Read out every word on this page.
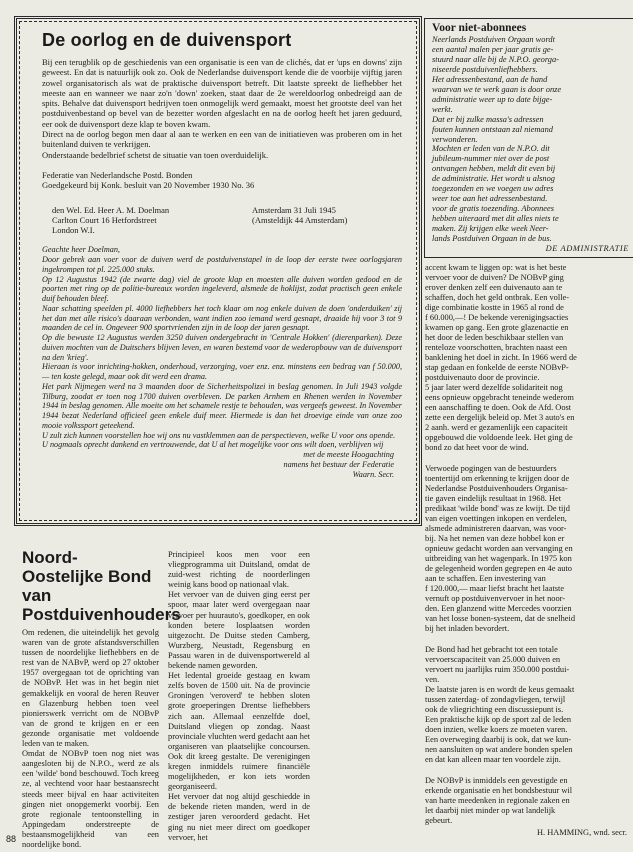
De oorlog en de duivensport

Bij een terugblik op de geschiedenis van een organisatie is een van de clichés, dat er 'ups en downs' zijn geweest. En dat is natuurlijk ook zo. Ook de Nederlandse duivensport kende die de voorbije vijftig jaren zowel organisatorisch als wat de praktische duivensport betreft. Dit laatste spreekt de liefhebber het meeste aan en wanneer we naar zo'n 'down' zoeken, staat daar de 2e wereldoorlog onbedreigd aan de spits. Behalve dat duivensport bedrijven toen onmogelijk werd gemaakt, moest het grootste deel van het postduivenbestand op bevel van de bezetter worden afgeslacht en na de oorlog heeft het jaren geduurd, eer ook de duivensport deze klap te boven kwam.

Direct na de oorlog begon men daar al aan te werken en een van de initiatieven was proberen om in het buitenland duiven te verkrijgen.

Onderstaande bedelbrief schetst de situatie van toen overduidelijk.

Federatie van Nederlandsche Postd. Bonden

Goedgekeurd bij Konk. besluit van 20 November 1930 No. 36

den Wel. Ed. Heer A. M. Doelman
Carlton Court 16 Hetfordstreet
London W.I.
Amsterdam 31 Juli 1945
(Amsteldijk 44 Amsterdam)

Geachte heer Doelman,

Door gebrek aan voer voor de duiven werd de postduivenstapel in de loop der eerste twee oorlogsjaren ingekrompen tot pl. 225.000 stuks.

Op 12 Augustus 1942 (de zwarte dag) viel de groote klap en moesten alle duiven worden gedood en de poorten met ring op de politie-bureaux worden ingeleverd, alsmede de hoklijst, zodat practisch geen enkele duif behouden bleef.

Naar schatting speelden pl. 4000 liefhebbers het toch klaar om nog enkele duiven de doen 'onderduiken' zij het dan met alle risico's daaraan verbonden, want indien zoo iemand werd gesnapt, draaide hij voor 3 tot 9 maanden de cel in. Ongeveer 900 sportvrienden zijn in de loop der jaren gesnapt.

Op die bewuste 12 Augustus werden 3250 duiven ondergebracht in 'Centrale Hokken' (dierenparken). Deze duiven mochten van de Duitschers blijven leven, en waren bestemd voor de wederopbouw van de duivensport na den 'krieg'.

Hieraan is voor inrichting-hokken, onderhoud, verzorging, voer enz. enz. minstens een bedrag van f 50.000,— ten koste gelegd, maar ook dit werd een drama.

Het park Nijmegen werd na 3 maanden door de Sicherheitspolizei in beslag genomen. In Juli 1943 volgde Tilburg, zoodat er toen nog 1700 duiven overbleven. De parken Arnhem en Rhenen werden in November 1944 in beslag genomen. Alle moeite om het schamele restje te behouden, was vergeefs geweest. In November 1944 bezat Nederland officieel geen enkele duif meer. Hiermede is dan het droevige einde van onze zoo mooie volkssport geteekend.

U zult zich kunnen voorstellen hoe wij ons nu vastklemmen aan de perspectieven, welke U voor ons opende.

U nogmaals oprecht dankend en vertrouwende, dat U al het mogelijke voor ons wilt doen, verblijven wij

met de meeste Hoogachting
namens het bestuur der Federatie
Waarn. Secr.
Voor niet-abonnees

Neerlands Postduiven Orgaan wordt
een aantal malen per jaar gratis ge-
stuurd naar alle bij de N.P.O. georga-
niseerde postduivenliefhebbers.
Het adressenbestand, aan de hand
waarvan we te werk gaan is door onze
administratie weer up to date bijge-
werkt.
Dat er bij zulke massa's adressen
fouten kunnen ontstaan zal niemand
verwonderen.
Mochten er leden van de N.P.O. dit
jubileum-nummer niet over de post
ontvangen hebben, meldt dit even bij
de administratie. Het wordt u alsnog
toegezonden en we voegen uw adres
weer toe aan het adressenbestand.
voor de gratis toezending. Abonnees
hebben uiteraard met dit alles niets te
maken. Zij krijgen elke week Neer-
lands Postduiven Orgaan in de bus.

DE ADMINISTRATIE

accent kwam te liggen op: wat is het beste
vervoer voor de duiven? De NOBvP ging
erover denken zelf een duivenauto aan te
schaffen, doch het geld ontbrak. Een volle-
dige combinatie kostte in 1965 al rond de
f 60.000,—! De bekende verenigingsacties
kwamen op gang. Een grote glazenactie en
het door de leden beschikbaar stellen van
renteloze voorschotten, brachten naast een
banklening het doel in zicht. In 1966 werd de
stap gedaan en fonkelde de eerste NOBvP-
postduivenauto door de provincie.
5 jaar later werd dezelfde solidariteit nog
eens opnieuw opgebracht teneinde wederom
een aanschaffing te doen. Ook de Afd. Oost
zette een dergelijk beleid op. Met 3 auto's en
2 aanh. werd er gezamenlijk een capaciteit
opgebouwd die voldoende leek. Het ging de
bond zo dat heet voor de wind.

Verwoede pogingen van de bestuurders
toentertijd om erkenning te krijgen door de
Nederlandse Postduivenhouders Organisa-
tie gaven eindelijk resultaat in 1968. Het
predikaat 'wilde bond' was ze kwijt. De tijd
van eigen voettingen inkopen en verdelen,
alsmede administreren daarvan, was voor-
bij. Na het nemen van deze hobbel kon er
opnieuw gedacht worden aan vervanging en
uitbreiding van het wagenpark. In 1975 kon
de gelegenheid worden gegrepen en 4e auto
aan te schaffen. Een investering van
f 120.000,— maar liefst bracht het laatste
vernuft op postduivenvervoer in het noor-
den. Een glanzend witte Mercedes voorzien
van het losse bonen-systeem, dat de snelheid
bij het inladen bevordert.

De Bond had het gebracht tot een totale
vervoerscapaciteit van 25.000 duiven en
vervoert nu jaarlijks ruim 350.000 postdui-
ven.
De laatste jaren is en wordt de keus gemaakt
tussen zaterdag- of zondagvliegen, terwijl
ook de vliegrichting een discussiepunt is.
Een praktische kijk op de sport zal de leden
doen inzien, welke koers ze moeten varen.
Een overweging daarbij is ook, dat we kun-
nen aansluiten op wat andere bonden spelen
en dat kan alleen maar ten voordele zijn.

De NOBvP is inmiddels een gevestigde en
erkende organisatie en het bondsbestuur wil
van harte meedenken in regionale zaken en
let daarbij niet minder op wat landelijk
gebeurt.

H. HAMMING, wnd. secr.
Noord-Oostelijke Bond van Postduivenhouders

Om redenen, die uiteindelijk het gevolg waren van de grote afstandsverschillen tussen de noordelijke liefhebbers en de rest van de NABvP, werd op 27 oktober 1957 overgegaan tot de oprichting van de NOBvP. Het was in het begin niet gemakkelijk en vooral de heren Reuver en Glazenburg hebben toen veel pionierswerk verricht om de NOBvP van de grond te krijgen en er een gezonde organisatie met voldoende leden van te maken.
Omdat de NOBvP toen nog niet was aangesloten bij de N.P.O., werd ze als een 'wilde' bond beschouwd. Toch kreeg ze, al vechtend voor haar bestaansrecht steeds meer bijval en haar activiteiten gingen niet onopgemerkt voorbij. Een grote regionale tentoonstelling in Appingedam onderstreepte de bestaansmogelijkheid van een noordelijke bond.

Principieel koos men voor een vliegprogramma uit Duitsland, omdat de zuid-west richting de noorderlingen weinig kans bood op nationaal vlak.
Het vervoer van de duiven ging eerst per spoor, maar later werd overgegaan naar vervoer per huurauto's, goedkoper, en ook konden betere losplaatsen worden uitgezocht. De Duitse steden Camberg, Wurzberg, Neustadt, Regensburg en Passau waren in de duivensportwereld al bekende namen geworden.
Het ledental groeide gestaag en kwam zelfs boven de 1500 uit. Na de provincie Groningen 'veroverd' te hebben sloten grote groeperingen Drentse liefhebbers zich aan. Allemaal eenzelfde doel, Duitsland vliegen op zondag. Naast provinciale vluchten werd gedacht aan het organiseren van plaatselijke concoursen. Ook dit kreeg gestalte. De verenigingen kregen inmiddels ruimere financiële mogelijkheden, er kon iets worden georganiseerd.
Het vervoer dat nog altijd geschiedde in de bekende rieten manden, werd in de zestiger jaren veroorderd gedacht. Het ging nu niet meer direct om goedkoper vervoer, het

88
